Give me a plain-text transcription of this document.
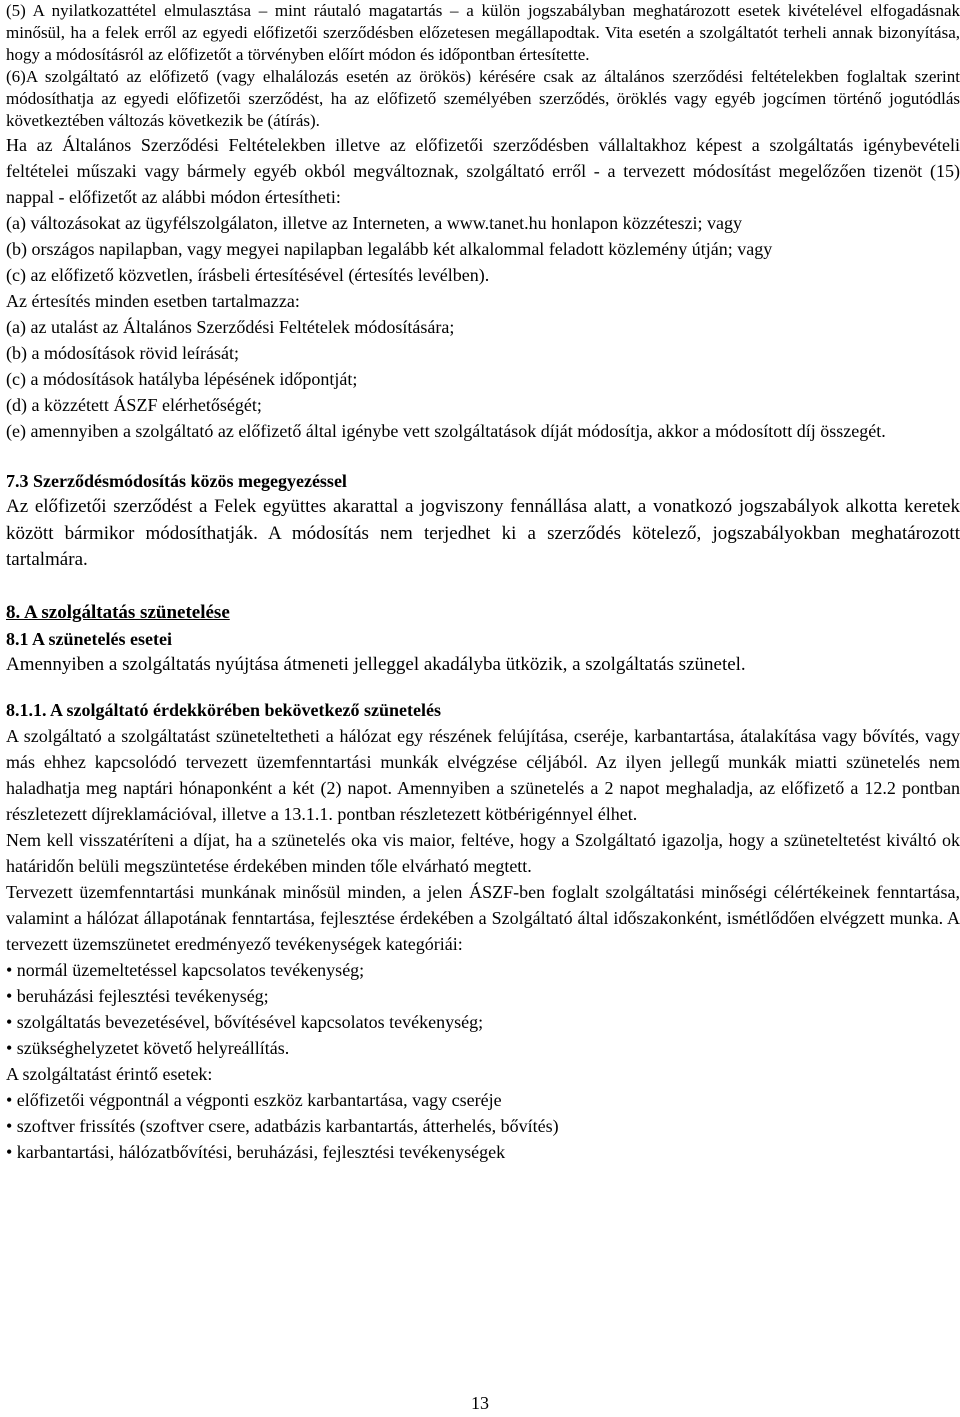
(5) A nyilatkozattétel elmulasztása – mint ráutaló magatartás – a külön jogszabályban meghatározott esetek kivételével elfogadásnak minősül, ha a felek erről az egyedi előfizetői szerződésben előzetesen megállapodtak. Vita esetén a szolgáltatót terheli annak bizonyítása, hogy a módosításról az előfizetőt a törvényben előírt módon és időpontban értesítette.

(6)A szolgáltató az előfizető (vagy elhalálozás esetén az örökös) kérésére csak az általános szerződési feltételekben foglaltak szerint módosíthatja az egyedi előfizetői szerződést, ha az előfizető személyében szerződés, öröklés vagy egyéb jogcímen történő jogutódlás következtében változás következik be (átírás).

Ha az Általános Szerződési Feltételekben illetve az előfizetői szerződésben vállaltakhoz képest a szolgáltatás igénybevételi feltételei műszaki vagy bármely egyéb okból megváltoznak, szolgáltató erről - a tervezett módosítást megelőzően tizenöt (15) nappal - előfizetőt az alábbi módon értesítheti:

(a) változásokat az ügyfélszolgálaton, illetve az Interneten, a www.tanet.hu honlapon közzéteszi; vagy

(b) országos napilapban, vagy megyei napilapban legalább két alkalommal feladott közlemény útján; vagy

(c) az előfizető közvetlen, írásbeli értesítésével (értesítés levélben).

Az értesítés minden esetben tartalmazza:

(a) az utalást az Általános Szerződési Feltételek módosítására;

(b) a módosítások rövid leírását;

(c) a módosítások hatályba lépésének időpontját;

(d) a közzétett ÁSZF elérhetőségét;

(e) amennyiben a szolgáltató az előfizető által igénybe vett szolgáltatások díját módosítja, akkor a módosított díj összegét.

7.3 Szerződésmódosítás közös megegyezéssel

Az előfizetői szerződést a Felek együttes akarattal a jogviszony fennállása alatt, a vonatkozó jogszabályok alkotta keretek között bármikor módosíthatják. A módosítás nem terjedhet ki a szerződés kötelező, jogszabályokban meghatározott tartalmára.

8. A szolgáltatás szünetelése

8.1 A szünetelés esetei

Amennyiben a szolgáltatás nyújtása átmeneti jelleggel akadályba ütközik, a szolgáltatás szünetel.

8.1.1. A szolgáltató érdekkörében bekövetkező szünetelés

A szolgáltató a szolgáltatást szüneteltetheti a hálózat egy részének felújítása, cseréje, karbantartása, átalakítása vagy bővítés, vagy más ehhez kapcsolódó tervezett üzemfenntartási munkák elvégzése céljából. Az ilyen jellegű munkák miatti szünetelés nem haladhatja meg naptári hónaponként a két (2) napot. Amennyiben a szünetelés a 2 napot meghaladja, az előfizető a 12.2 pontban részletezett díjreklamációval, illetve a 13.1.1. pontban részletezett kötbérigénnyel élhet.

Nem kell visszatéríteni a díjat, ha a szünetelés oka vis maior, feltéve, hogy a Szolgáltató igazolja, hogy a szüneteltetést kiváltó ok határidőn belüli megszüntetése érdekében minden tőle elvárható megtett.

Tervezett üzemfenntartási munkának minősül minden, a jelen ÁSZF-ben foglalt szolgáltatási minőségi célértékeinek fenntartása, valamint a hálózat állapotának fenntartása, fejlesztése érdekében a Szolgáltató által időszakonként, ismétlődően elvégzett munka. A tervezett üzemszünetet eredményező tevékenységek kategóriái:

• normál üzemeltetéssel kapcsolatos tevékenység;

• beruházási fejlesztési tevékenység;

• szolgáltatás bevezetésével, bővítésével kapcsolatos tevékenység;

• szükséghelyzetet követő helyreállítás.

A szolgáltatást érintő esetek:

• előfizetői végpontnál a végponti eszköz karbantartása, vagy cseréje

• szoftver frissítés (szoftver csere, adatbázis karbantartás, átterhelés, bővítés)

• karbantartási, hálózatbővítési, beruházási, fejlesztési tevékenységek

13
